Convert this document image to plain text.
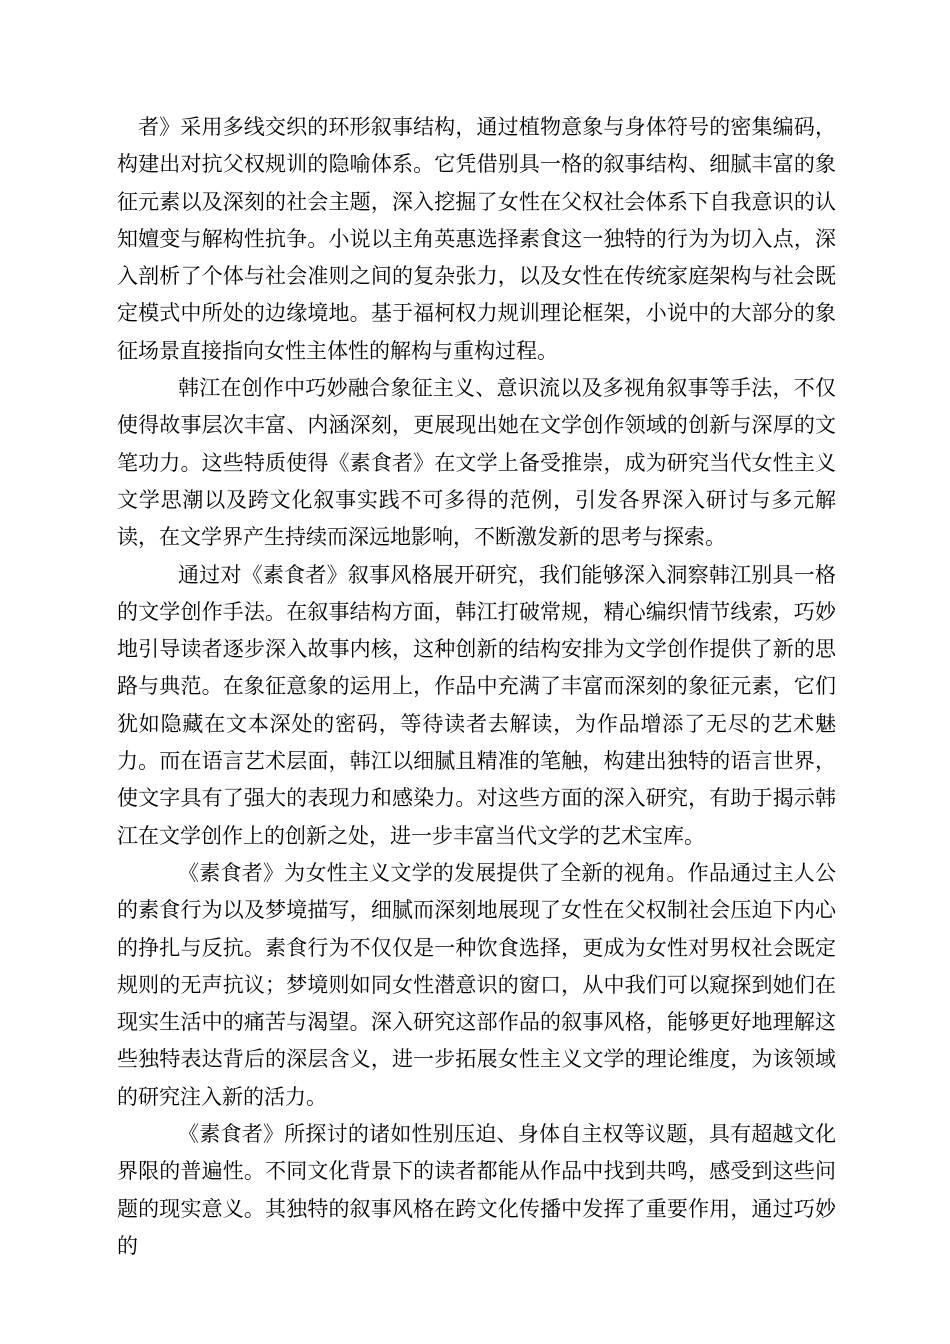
者》采用多线交织的环形叙事结构，通过植物意象与身体符号的密集编码，构建出对抗父权规训的隐喻体系。它凭借别具一格的叙事结构、细腻丰富的象征元素以及深刻的社会主题，深入挖掘了女性在父权社会体系下自我意识的认知嬗变与解构性抗争。小说以主角英惠选择素食这一独特的行为为切入点，深入剖析了个体与社会准则之间的复杂张力，以及女性在传统家庭架构与社会既定模式中所处的边缘境地。基于福柯权力规训理论框架，小说中的大部分的象征场景直接指向女性主体性的解构与重构过程。

韩江在创作中巧妙融合象征主义、意识流以及多视角叙事等手法，不仅使得故事层次丰富、内涵深刻，更展现出她在文学创作领域的创新与深厚的文笔功力。这些特质使得《素食者》在文学上备受推崇，成为研究当代女性主义文学思潮以及跨文化叙事实践不可多得的范例，引发各界深入研讨与多元解读，在文学界产生持续而深远地影响，不断激发新的思考与探索。

通过对《素食者》叙事风格展开研究，我们能够深入洞察韩江别具一格的文学创作手法。在叙事结构方面，韩江打破常规，精心编织情节线索，巧妙地引导读者逐步深入故事内核，这种创新的结构安排为文学创作提供了新的思路与典范。在象征意象的运用上，作品中充满了丰富而深刻的象征元素，它们犹如隐藏在文本深处的密码，等待读者去解读，为作品增添了无尽的艺术魅力。而在语言艺术层面，韩江以细腻且精准的笔触，构建出独特的语言世界，使文字具有了强大的表现力和感染力。对这些方面的深入研究，有助于揭示韩江在文学创作上的创新之处，进一步丰富当代文学的艺术宝库。

《素食者》为女性主义文学的发展提供了全新的视角。作品通过主人公的素食行为以及梦境描写，细腻而深刻地展现了女性在父权制社会压迫下内心的挣扎与反抗。素食行为不仅仅是一种饮食选择，更成为女性对男权社会既定规则的无声抗议；梦境则如同女性潜意识的窗口，从中我们可以窥探到她们在现实生活中的痛苦与渴望。深入研究这部作品的叙事风格，能够更好地理解这些独特表达背后的深层含义，进一步拓展女性主义文学的理论维度，为该领域的研究注入新的活力。

《素食者》所探讨的诸如性别压迫、身体自主权等议题，具有超越文化界限的普遍性。不同文化背景下的读者都能从作品中找到共鸣，感受到这些问题的现实意义。其独特的叙事风格在跨文化传播中发挥了重要作用，通过巧妙的
